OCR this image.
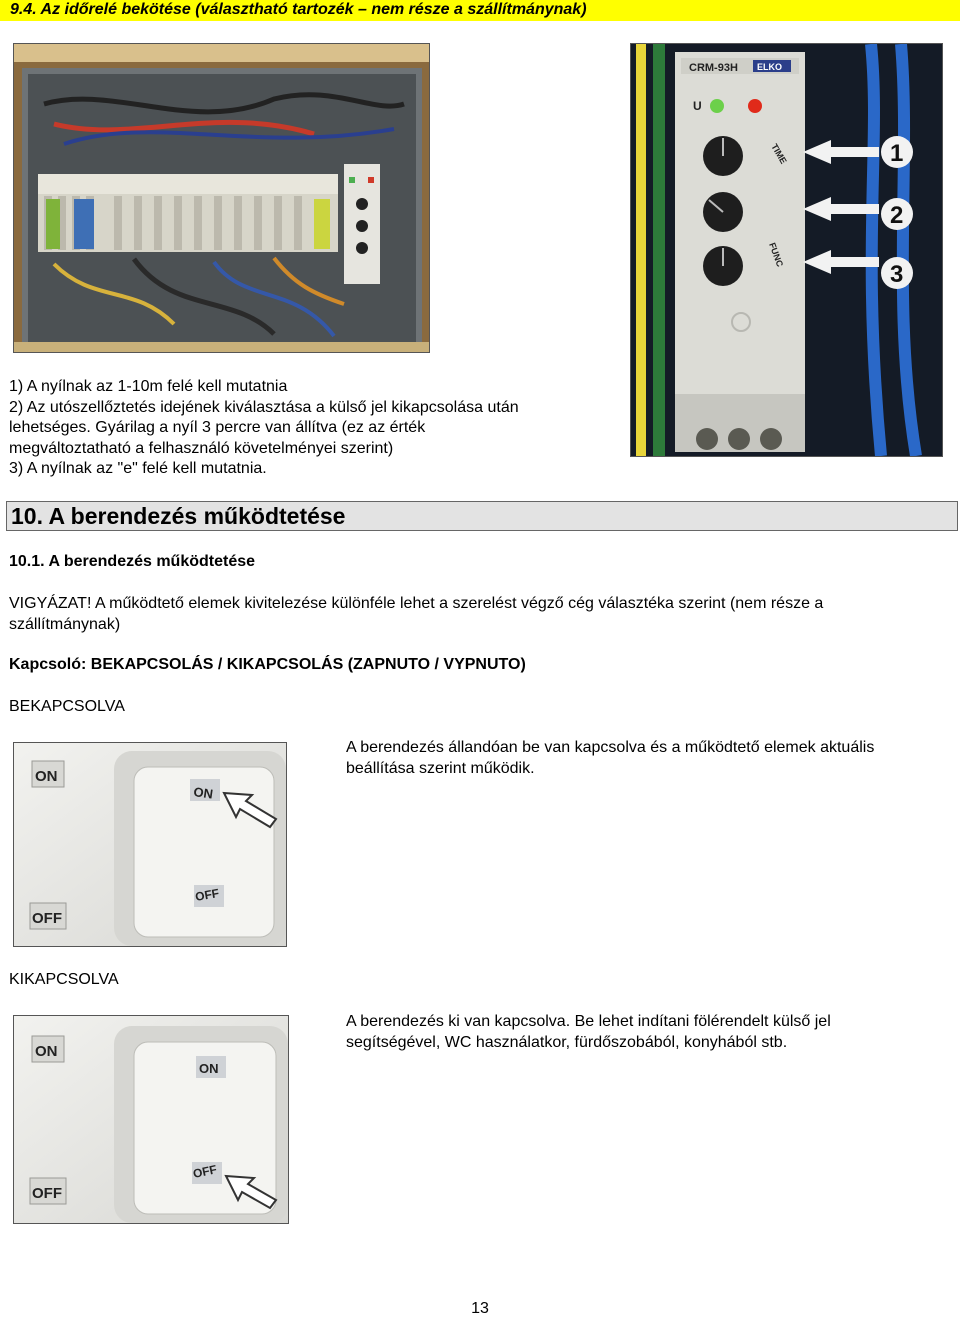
9.4. Az időrelé bekötése (választható tartozék – nem része a szállítmánynak)
CRM-93H ELKO
U
TIME
FUNC
1
2
3
1) A nyílnak az 1-10m felé kell mutatnia
2) Az utószellőztetés idejének kiválasztása a külső jel kikapcsolása után
lehetséges. Gyárilag a nyíl 3 percre van állítva (ez az érték
megváltoztatható a felhasználó követelményei szerint)
3) A nyílnak az "e" felé kell mutatnia.
10. A berendezés működtetése
10.1. A berendezés működtetése
VIGYÁZAT! A működtető elemek kivitelezése különféle lehet a szerelést végző cég választéka szerint (nem része a
szállítmánynak)
Kapcsoló: BEKAPCSOLÁS / KIKAPCSOLÁS (ZAPNUTO / VYPNUTO)
BEKAPCSOLVA
ON
OFF
ON
OFF
A berendezés állandóan be van kapcsolva és a működtető elemek aktuális
beállítása szerint működik.
KIKAPCSOLVA
ON
OFF
ON
OFF
A berendezés ki van kapcsolva. Be lehet indítani fölérendelt külső jel
segítségével, WC használatkor, fürdőszobából, konyhából stb.
13
